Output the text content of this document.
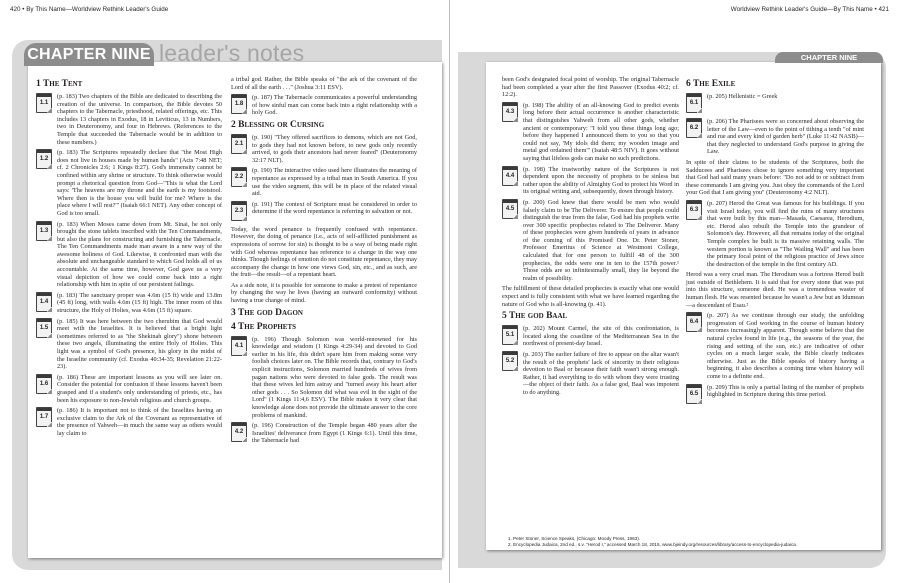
420 • By This Name—Worldview Rethink Leader's Guide	Worldview Rethink Leader's Guide—By This Name • 421
CHAPTER NINE leader's notes	CHAPTER NINE
1 The Tent
1.1
(p. 183) Two chapters of the Bible are dedicated to describing the creation of the universe. In comparison, the Bible devotes 50 chapters to the Tabernacle, priesthood, related offerings, etc. This includes 13 chapters in Exodus, 18 in Leviticus, 13 in Numbers, two in Deuteronomy, and four in Hebrews. (References to the Temple that succeeded the Tabernacle would be in addition to these numbers.)
1.2
(p. 183) The Scriptures repeatedly declare that "the Most High does not live in houses made by human hands" (Acts 7:48 NET; cf. 2 Chronicles 2:6; 1 Kings 8:27). God's immensity cannot be confined within any shrine or structure. To think otherwise would prompt a rhetorical question from God—"This is what the Lord says: 'The heavens are my throne and the earth is my footstool. Where then is the house you will build for me? Where is the place where I will rest?'" (Isaiah 66:1 NET). Any other concept of God is too small.
1.3
(p. 183) When Moses came down from Mt. Sinai, he not only brought the stone tablets inscribed with the Ten Commandments, but also the plans for constructing and furnishing the Tabernacle. The Ten Commandments made man aware in a new way of the awesome holiness of God. Likewise, it confronted man with the absolute and unchangeable standard to which God holds all of us accountable. At the same time, however, God gave us a very visual depiction of how we could come back into a right relationship with him in spite of our persistent failings.
1.4
(p. 183) The sanctuary proper was 4.6m (15 ft) wide and 13.8m (45 ft) long, with walls 4.6m (15 ft) high. The inner room of this structure, the Holy of Holies, was 4.6m (15 ft) square.
1.5
(p. 185) It was here between the two cherubim that God would meet with the Israelites. It is believed that a bright light (sometimes referred to as "the Shekinah glory") shone between these two angels, illuminating the entire Holy of Holies. This light was a symbol of God's presence, his glory in the midst of the Israelite community (cf. Exodus 40:34-35; Revelation 21:22-23).
1.6
(p. 186) These are important lessons as you will see later on. Consider the potential for confusion if these lessons haven't been grasped and if a student's only understanding of priests, etc., has been his exposure to non-Jewish religious and church groups.
1.7
(p. 186) It is important not to think of the Israelites having an exclusive claim to the Ark of the Covenant as representative of the presence of Yahweh—in much the same way as others would lay claim to

a tribal god. Rather, the Bible speaks of "the ark of the covenant of the Lord of all the earth . . ." (Joshua 3:11 ESV).

1.8
(p. 187) The Tabernacle communicates a powerful understanding of how sinful man can come back into a right relationship with a holy God.
2 Blessing or Cursing
2.1
(p. 190) "They offered sacrifices to demons, which are not God, to gods they had not known before, to new gods only recently arrived, to gods their ancestors had never feared" (Deuteronomy 32:17 NLT).
2.2
(p. 190) The interactive video used here illustrates the meaning of repentance as expressed by a tribal man in South America. If you use the video segment, this will be in place of the related visual aid.
2.3
(p. 191) The context of Scripture must be considered in order to determine if the word repentance is referring to salvation or not.

Today, the word penance is frequently confused with repentance. However, the doing of penance (i.e., acts of self-afflicted punishment as expressions of sorrow for sin) is thought to be a way of being made right with God whereas repentance has reference to a change in the way one thinks. Though feelings of emotion do not constitute repentance, they may accompany the change in how one views God, sin, etc., and as such, are the fruit—the result—of a repentant heart.

As a side note, it is possible for someone to make a pretest of repentance by changing the way he lives (having an outward conformity) without having a true change of mind.

3 The god Dagon
4 The Prophets
4.1
(p. 196) Though Solomon was world-renowned for his knowledge and wisdom (1 Kings 4:29-34) and devoted to God earlier in his life, this didn't spare him from making some very foolish choices later on. The Bible records that, contrary to God's explicit instructions, Solomon married hundreds of wives from pagan nations who were devoted to false gods. The result was that these wives led him astray and "turned away his heart after other gods . . . So Solomon did what was evil in the sight of the Lord" (1 Kings 11:4,6 ESV). The Bible makes it very clear that knowledge alone does not provide the ultimate answer to the core problems of mankind.
4.2
(p. 196) Construction of the Temple began 480 years after the Israelites' deliverance from Egypt (1 Kings 6:1). Until this time, the Tabernacle had

been God's designated focal point of worship. The original Tabernacle had been completed a year after the first Passover (Exodus 40:2; cf. 12:2).

4.3
(p. 198) The ability of an all-knowing God to predict events long before their actual occurrence is another characteristic that distinguishes Yahweh from all other gods, whether ancient or contemporary: "I told you these things long ago; before they happened I announced them to you so that you could not say, 'My idols did them; my wooden image and metal god ordained them'" (Isaiah 48:5 NIV). It goes without saying that lifeless gods can make no such predictions.
4.4
(p. 198) The trustworthy nature of the Scriptures is not dependent upon the necessity of prophets to be sinless but rather upon the ability of Almighty God to protect his Word in its original writing and, subsequently, down through history.
4.5
(p. 200) God knew that there would be men who would falsely claim to be The Deliverer. To ensure that people could distinguish the true from the false, God had his prophets write over 300 specific prophecies related to The Deliverer. Many of these prophecies were given hundreds of years in advance of the coming of this Promised One. Dr. Peter Stoner, Professor Emeritus of Science at Westmont College, calculated that for one person to fulfill 48 of the 300 prophecies, the odds were one in ten to the 157th power.¹ Those odds are so infinitesimally small, they lie beyond the realm of possibility.

The fulfillment of these detailed prophecies is exactly what one would expect and is fully consistent with what we have learned regarding the nature of God who is all-knowing (p. 41).

5 The god Baal
5.1
(p. 202) Mount Carmel, the site of this confrontation, is located along the coastline of the Mediterranean Sea in the northwest of present-day Israel.
5.2
(p. 203) The earlier failure of fire to appear on the altar wasn't the result of the prophets' lack of sincerity in their religious devotion to Baal or because their faith wasn't strong enough. Rather, it had everything to do with whom they were trusting—the object of their faith. As a false god, Baal was impotent to do anything.
6 The Exile
6.1
(p. 205) Hellenistic = Greek
6.2
(p. 206) The Pharisees were so concerned about observing the letter of the Law—even to the point of tithing a tenth "of mint and rue and every kind of garden herb" (Luke 11:42 NASB)—that they neglected to understand God's purpose in giving the Law.

In spite of their claims to be students of the Scriptures, both the Sadducees and Pharisees chose to ignore something very important that God had said many years before: "Do not add to or subtract from these commands I am giving you. Just obey the commands of the Lord your God that I am giving you" (Deuteronomy 4:2 NLT).

6.3
(p. 207) Herod the Great was famous for his buildings. If you visit Israel today, you will find the ruins of many structures that were built by this man—Masada, Caesarea, Herodium, etc. Herod also rebuilt the Temple into the grandeur of Solomon's day. However, all that remains today of the original Temple complex he built is its massive retaining walls. The western portion is known as "The Wailing Wall" and has been the primary focal point of the religious practice of Jews since the destruction of the temple in the first century AD.

Herod was a very cruel man. The Herodium was a fortress Herod built just outside of Bethlehem. It is said that for every stone that was put into this structure, someone died. He was a tremendous waster of human flesh. He was resented because he wasn't a Jew but an Idumean—a descendant of Esau.²

6.4
(p. 207) As we continue through our study, the unfolding progression of God working in the course of human history becomes increasingly apparent. Though some believe that the natural cycles found in life (e.g., the seasons of the year, the rising and setting of the sun, etc.) are indicative of other cycles on a much larger scale, the Bible clearly indicates otherwise. Just as the Bible speaks of history having a beginning, it also describes a coming time when history will come to a definite end.
6.5
(p. 209) This is only a partial listing of the number of prophets highlighted in Scripture during this time period.

1. Peter Stoner, Science Speaks, (Chicago: Moody Press, 1963).

2. Encyclopedia Judaica, 2nd ed., s.v. "Herod I," accessed March 18, 2015, www.bjeindy.org/resources/library/access-to-encyclopedia-judaica.
